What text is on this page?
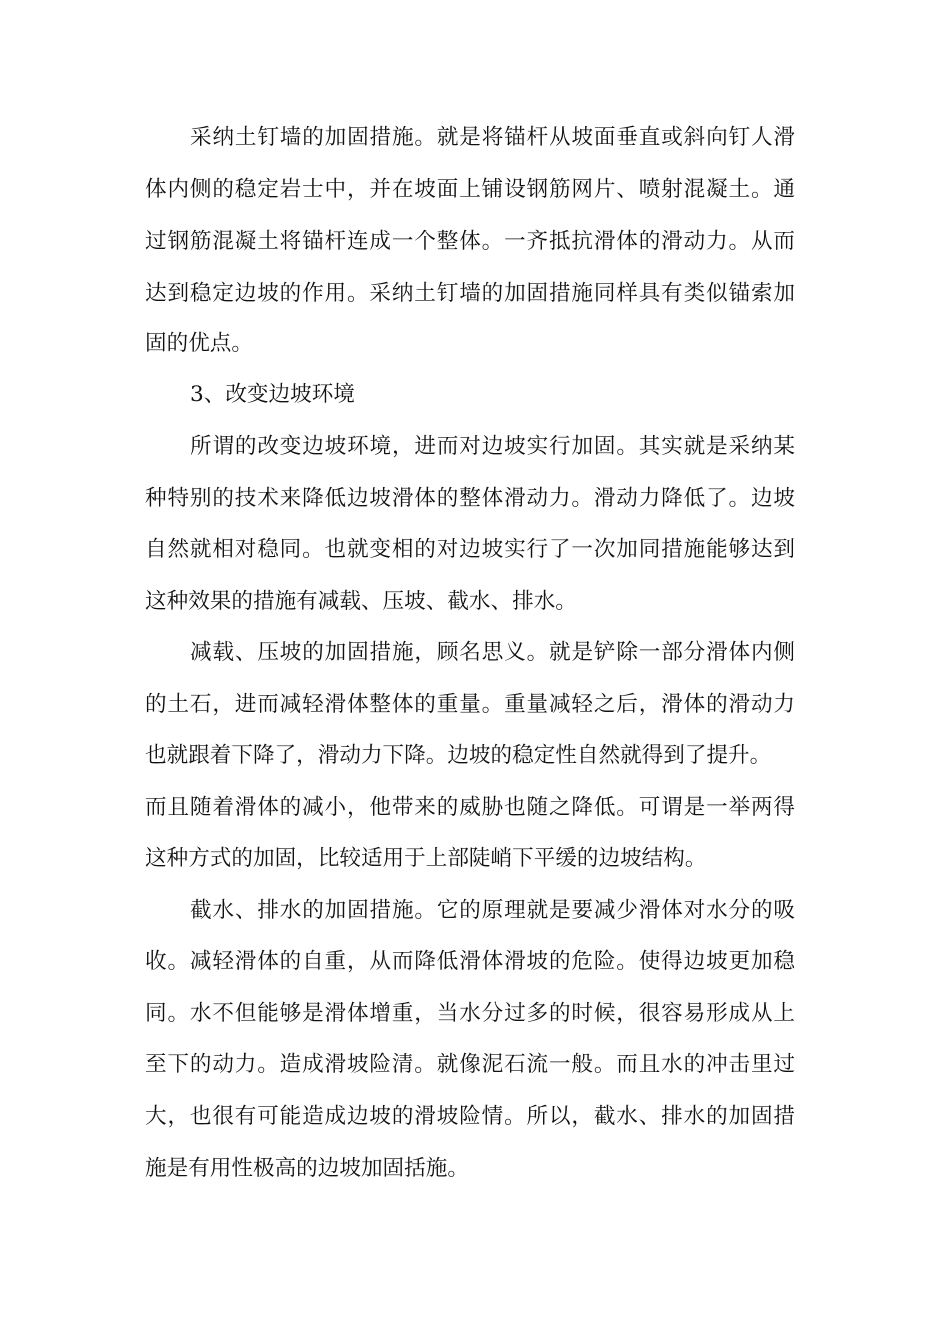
采纳土钉墙的加固措施。就是将锚杆从坡面垂直或斜向钉人滑
体内侧的稳定岩士中，并在坡面上铺设钢筋网片、喷射混凝土。通
过钢筋混凝土将锚杆连成一个整体。一齐抵抗滑体的滑动力。从而
达到稳定边坡的作用。采纳土钉墙的加固措施同样具有类似锚索加
固的优点。
3、改变边坡环境
所谓的改变边坡环境，进而对边坡实行加固。其实就是采纳某
种特别的技术来降低边坡滑体的整体滑动力。滑动力降低了。边坡
自然就相对稳同。也就变相的对边坡实行了一次加同措施能够达到
这种效果的措施有减载、压坡、截水、排水。
减载、压坡的加固措施，顾名思义。就是铲除一部分滑体内侧
的土石，进而减轻滑体整体的重量。重量减轻之后，滑体的滑动力
也就跟着下降了，滑动力下降。边坡的稳定性自然就得到了提升。
而且随着滑体的减小，他带来的威胁也随之降低。可谓是一举两得
这种方式的加固，比较适用于上部陡峭下平缓的边坡结构。
截水、排水的加固措施。它的原理就是要减少滑体对水分的吸
收。减轻滑体的自重，从而降低滑体滑坡的危险。使得边坡更加稳
同。水不但能够是滑体增重，当水分过多的时候，很容易形成从上
至下的动力。造成滑坡险清。就像泥石流一般。而且水的冲击里过
大，也很有可能造成边坡的滑坡险情。所以，截水、排水的加固措
施是有用性极高的边坡加固括施。
